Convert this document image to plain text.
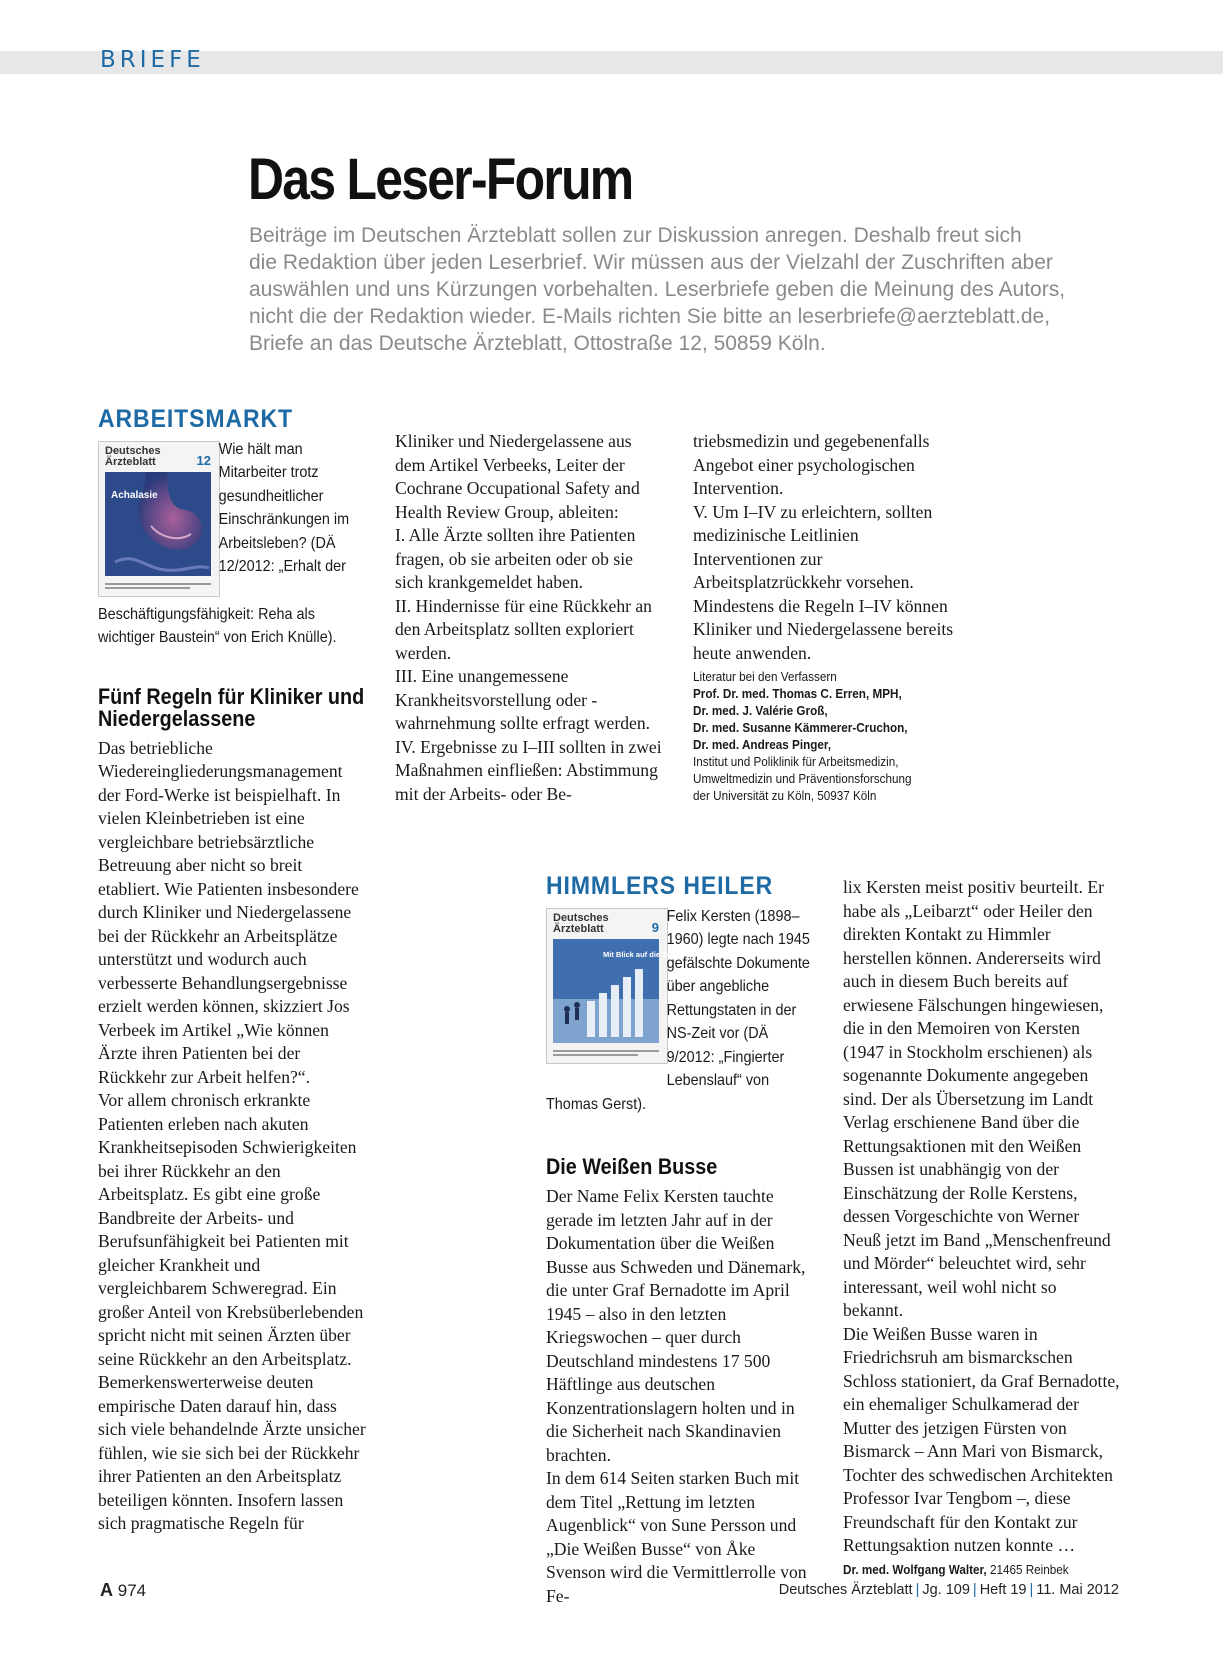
BRIEFE
Das Leser-Forum

Beiträge im Deutschen Ärzteblatt sollen zur Diskussion anregen. Deshalb freut sich

die Redaktion über jeden Leserbrief. Wir müssen aus der Vielzahl der Zuschriften aber

auswählen und uns Kürzungen vorbehalten. Leserbriefe geben die Meinung des Autors,

nicht die der Redaktion wieder. E-Mails richten Sie bitte an leserbriefe@aerzteblatt.de,

Briefe an das Deutsche Ärzteblatt, Ottostraße 12, 50859 Köln.

ARBEITSMARKT
Deutsches
Ärzteblatt	12
Achalasie
Wie hält man Mitarbeiter trotz gesundheitlicher Einschränkungen im Arbeitsleben? (DÄ 12/2012: „Erhalt der Beschäftigungsfähigkeit: Reha als wichtiger Baustein“ von Erich Knülle).
Fünf Regeln für Kliniker und Niedergelassene

Das betriebliche Wiedereingliederungsmanagement der Ford-Werke ist beispielhaft. In vielen Kleinbetrieben ist eine vergleichbare betriebsärztliche Betreuung aber nicht so breit etabliert. Wie Patienten insbesondere durch Kliniker und Niedergelassene bei der Rückkehr an Arbeitsplätze unterstützt und wodurch auch verbesserte Behandlungsergebnisse erzielt werden können, skizziert Jos Verbeek im Artikel „Wie können Ärzte ihren Patienten bei der Rückkehr zur Arbeit helfen?“.

Vor allem chronisch erkrankte Patienten erleben nach akuten Krankheitsepisoden Schwierigkeiten bei ihrer Rückkehr an den Arbeitsplatz. Es gibt eine große Bandbreite der Arbeits- und Berufsunfähigkeit bei Patienten mit gleicher Krankheit und vergleichbarem Schweregrad. Ein großer Anteil von Krebsüberlebenden spricht nicht mit seinen Ärzten über seine Rückkehr an den Arbeitsplatz.

Bemerkenswerterweise deuten empirische Daten darauf hin, dass sich viele behandelnde Ärzte unsicher fühlen, wie sie sich bei der Rückkehr ihrer Patienten an den Arbeitsplatz beteiligen könnten. Insofern lassen sich pragmatische Regeln für

Kliniker und Niedergelassene aus dem Artikel Verbeeks, Leiter der Cochrane Occupational Safety and Health Review Group, ableiten:

I. Alle Ärzte sollten ihre Patienten fragen, ob sie arbeiten oder ob sie sich krankgemeldet haben.

II. Hindernisse für eine Rückkehr an den Arbeitsplatz sollten exploriert werden.

III. Eine unangemessene Krankheitsvorstellung oder -wahrnehmung sollte erfragt werden.

IV. Ergebnisse zu I–III sollten in zwei Maßnahmen einfließen: Abstimmung mit der Arbeits- oder Be-

triebsmedizin und gegebenenfalls Angebot einer psychologischen Intervention.

V. Um I–IV zu erleichtern, sollten medizinische Leitlinien Interventionen zur Arbeitsplatzrückkehr vorsehen.

Mindestens die Regeln I–IV können Kliniker und Niedergelassene bereits heute anwenden.

Literatur bei den Verfassern
Prof. Dr. med. Thomas C. Erren, MPH,
Dr. med. J. Valérie Groß,
Dr. med. Susanne Kämmerer-Cruchon,
Dr. med. Andreas Pinger,
Institut und Poliklinik für Arbeitsmedizin,
Umweltmedizin und Präventionsforschung
der Universität zu Köln, 50937 Köln
HIMMLERS HEILER
Deutsches
Ärzteblatt	9
Mit Blick auf die Zukunft
Felix Kersten (1898–1960) legte nach 1945 gefälschte Dokumente über angebliche Rettungstaten in der NS-Zeit vor (DÄ 9/2012: „Fingierter Lebenslauf“ von Thomas Gerst).
Die Weißen Busse

Der Name Felix Kersten tauchte gerade im letzten Jahr auf in der Dokumentation über die Weißen Busse aus Schweden und Dänemark, die unter Graf Bernadotte im April 1945 – also in den letzten Kriegswochen – quer durch Deutschland mindestens 17 500 Häftlinge aus deutschen Konzentrationslagern holten und in die Sicherheit nach Skandinavien brachten.

In dem 614 Seiten starken Buch mit dem Titel „Rettung im letzten Augenblick“ von Sune Persson und „Die Weißen Busse“ von Åke Svenson wird die Vermittlerrolle von Fe-

lix Kersten meist positiv beurteilt. Er habe als „Leibarzt“ oder Heiler den direkten Kontakt zu Himmler herstellen können. Andererseits wird auch in diesem Buch bereits auf erwiesene Fälschungen hingewiesen, die in den Memoiren von Kersten (1947 in Stockholm erschienen) als sogenannte Dokumente angegeben sind. Der als Übersetzung im Landt Verlag erschienene Band über die Rettungsaktionen mit den Weißen Bussen ist unabhängig von der Einschätzung der Rolle Kerstens, dessen Vorgeschichte von Werner Neuß jetzt im Band „Menschenfreund und Mörder“ beleuchtet wird, sehr interessant, weil wohl nicht so bekannt.

Die Weißen Busse waren in Friedrichsruh am bismarckschen Schloss stationiert, da Graf Bernadotte, ein ehemaliger Schulkamerad der Mutter des jetzigen Fürsten von Bismarck – Ann Mari von Bismarck, Tochter des schwedischen Architekten Professor Ivar Tengbom –, diese Freundschaft für den Kontakt zur Rettungsaktion nutzen konnte …

Dr. med. Wolfgang Walter, 21465 Reinbek
A 974	Deutsches Ärzteblatt | Jg. 109 | Heft 19 | 11. Mai 2012
